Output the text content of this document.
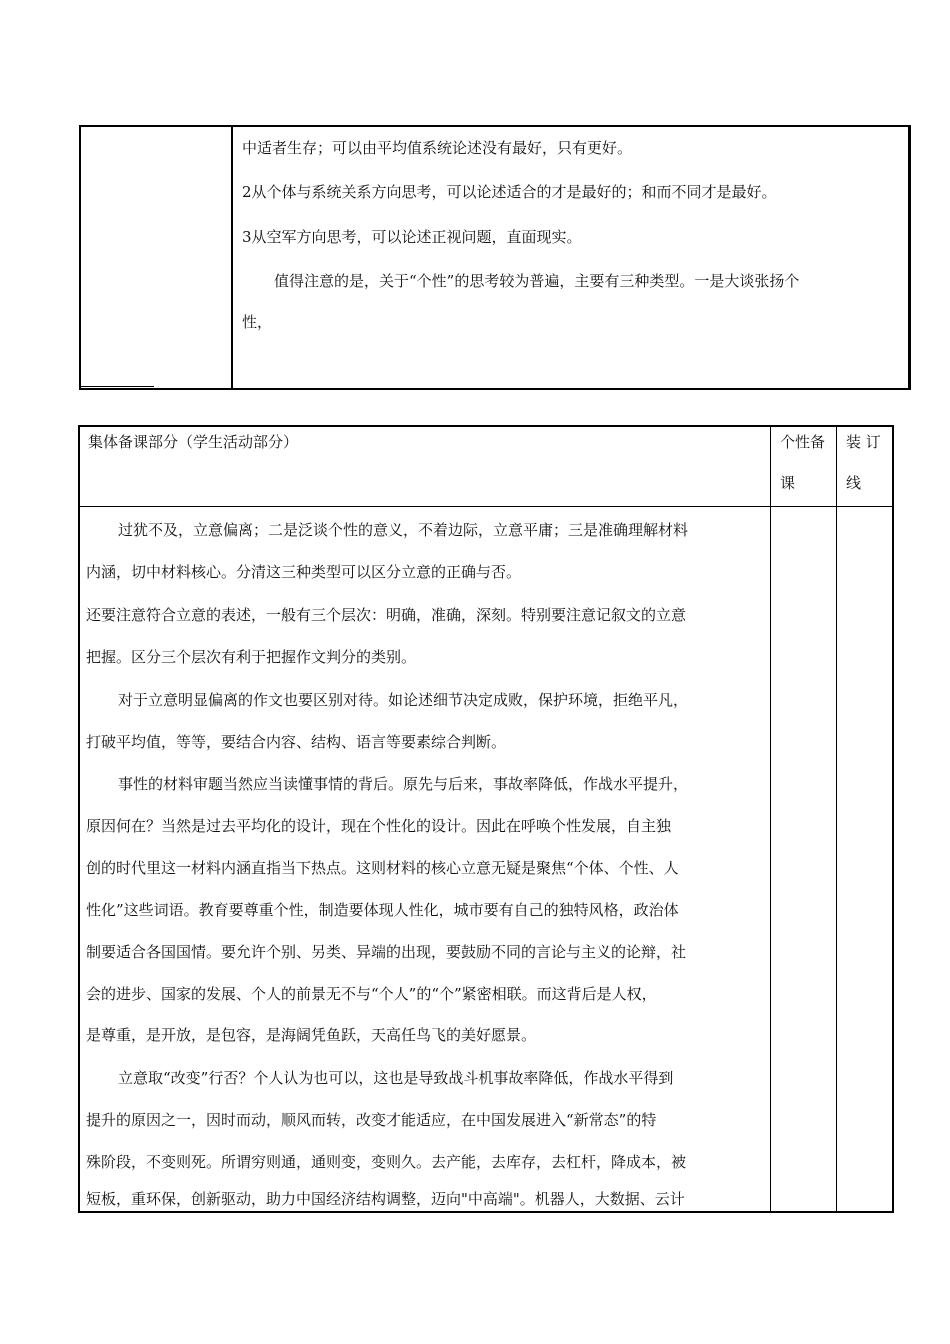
中适者生存；可以由平均值系统论述没有最好，只有更好。

2从个体与系统关系方向思考，可以论述适合的才是最好的；和而不同才是最好。

3从空军方向思考，可以论述正视问题，直面现实。

值得注意的是，关于“个性”的思考较为普遍，主要有三种类型。一是大谈张扬个

性，

集体备课部分（学生活动部分）	个性备
课
装 订
线

过犹不及，立意偏离；二是泛谈个性的意义，不着边际，立意平庸；三是准确理解材料

内涵，切中材料核心。分清这三种类型可以区分立意的正确与否。

还要注意符合立意的表述，一般有三个层次：明确，准确，深刻。特别要注意记叙文的立意

把握。区分三个层次有利于把握作文判分的类别。

对于立意明显偏离的作文也要区别对待。如论述细节决定成败，保护环境，拒绝平凡，

打破平均值，等等，要结合内容、结构、语言等要素综合判断。

事性的材料审题当然应当读懂事情的背后。原先与后来，事故率降低，作战水平提升，

原因何在？当然是过去平均化的设计，现在个性化的设计。因此在呼唤个性发展，自主独

创的时代里这一材料内涵直指当下热点。这则材料的核心立意无疑是聚焦“个体、个性、人

性化”这些词语。教育要尊重个性，制造要体现人性化，城市要有自己的独特风格，政治体

制要适合各国国情。要允许个别、另类、异端的出现，要鼓励不同的言论与主义的论辩，社

会的进步、国家的发展、个人的前景无不与“个人”的“个”紧密相联。而这背后是人权，

是尊重，是开放，是包容，是海阔凭鱼跃，天高任鸟飞的美好愿景。

立意取“改变”行否？个人认为也可以，这也是导致战斗机事故率降低，作战水平得到

提升的原因之一，因时而动，顺风而转，改变才能适应，在中国发展进入“新常态”的特

殊阶段，不变则死。所谓穷则通，通则变，变则久。去产能，去库存，去杠杆，降成本，被

短板，重环保，创新驱动，助力中国经济结构调整，迈向"中高端"。机器人，大数据、云计
